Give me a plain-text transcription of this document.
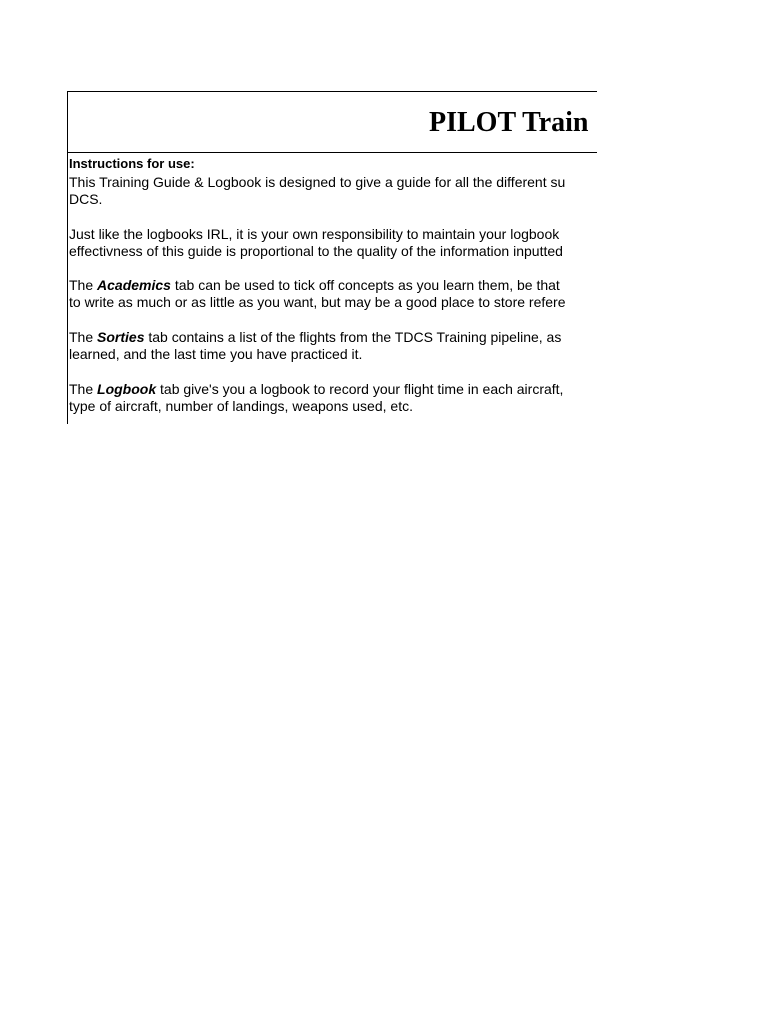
PILOT Train

Instructions for use:

This Training Guide & Logbook is designed to give a guide for all the different su
DCS.

Just like the logbooks IRL, it is your own responsibility to maintain your logbook
effectivness of this guide is proportional to the quality of the information inputted

The Academics tab can be used to tick off concepts as you learn them, be that
to write as much or as little as you want, but may be a good place to store refere

The Sorties tab contains a list of the flights from the TDCS Training pipeline, as
learned, and the last time you have practiced it.

The Logbook tab give's you a logbook to record your flight time in each aircraft,
type of aircraft, number of landings, weapons used, etc.
